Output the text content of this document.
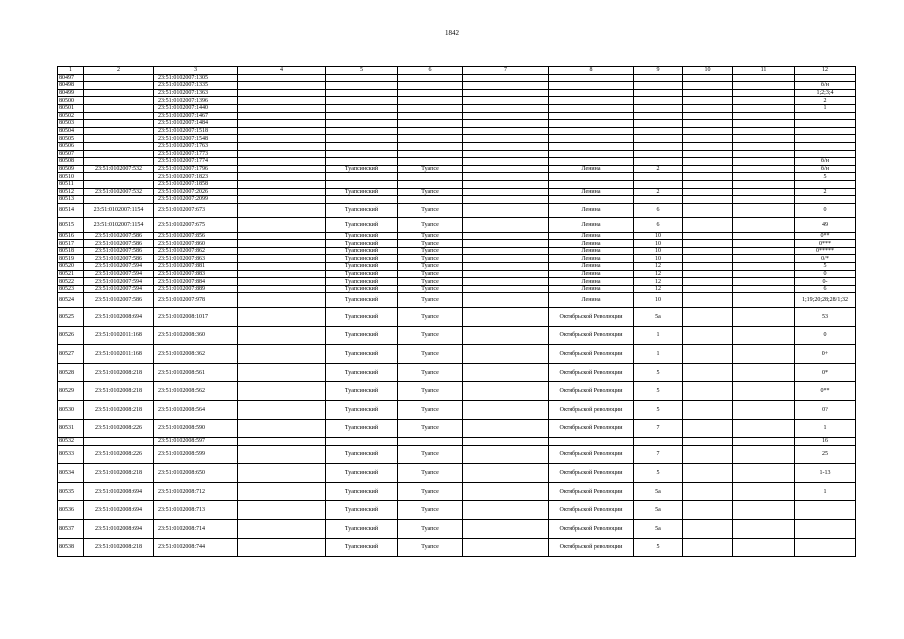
1842
1	2	3	4	5	6	7	8	9	10	11	12
80497		23:51:0102007:1305									
80498		23:51:0102007:1335									б/н
80499		23:51:0102007:1363									1;2;3;4
80500		23:51:0102007:1396									2
80501		23:51:0102007:1440									1
80502		23:51:0102007:1467									
80503		23:51:0102007:1484									
80504		23:51:0102007:1518									
80505		23:51:0102007:1548									
80506		23:51:0102007:1763									
80507		23:51:0102007:1773									
80508		23:51:0102007:1774									б/н
80509	23:51:0102007:532	23:51:0102007:1796		Туапсинский	Туапсе		Ленина	2			б/н
80510		23:51:0102007:1823									5
80511		23:51:0102007:1858									
80512	23:51:0102007:532	23:51:0102007:2026		Туапсинский	Туапсе		Ленина	2			2
80513		23:51:0102007:2099									
80514	23:51:0102007:1154	23:51:0102007:673		Туапсинский	Туапсе		Ленина	6			0
80515	23:51:0102007:1154	23:51:0102007:675		Туапсинский	Туапсе		Ленина	6			49
80516	23:51:0102007:586	23:51:0102007:856		Туапсинский	Туапсе		Ленина	10			0**
80517	23:51:0102007:586	23:51:0102007:860		Туапсинский	Туапсе		Ленина	10			0***
80518	23:51:0102007:586	23:51:0102007:862		Туапсинский	Туапсе		Ленина	10			0*****
80519	23:51:0102007:586	23:51:0102007:863		Туапсинский	Туапсе		Ленина	10			0/*
80520	23:51:0102007:594	23:51:0102007:881		Туапсинский	Туапсе		Ленина	12			5
80521	23:51:0102007:594	23:51:0102007:883		Туапсинский	Туапсе		Ленина	12			0
80522	23:51:0102007:594	23:51:0102007:884		Туапсинский	Туапсе		Ленина	12			0-
80523	23:51:0102007:594	23:51:0102007:889		Туапсинский	Туапсе		Ленина	12			6
80524	23:51:0102007:586	23:51:0102007:978		Туапсинский	Туапсе		Ленина	10			1;19;20;28;28/1;32
80525	23:51:0102008:694	23:51:0102008:1017		Туапсинский	Туапсе		Октябрьской Революции	5а			53
80526	23:51:0102011:168	23:51:0102008:360		Туапсинский	Туапсе		Октябрьской Революции	1			0
80527	23:51:0102011:168	23:51:0102008:362		Туапсинский	Туапсе		Октябрьской Революции	1			0+
80528	23:51:0102008:218	23:51:0102008:561		Туапсинский	Туапсе		Октябрьской Революции	5			0*
80529	23:51:0102008:218	23:51:0102008:562		Туапсинский	Туапсе		Октябрьской Революции	5			0**
80530	23:51:0102008:218	23:51:0102008:564		Туапсинский	Туапсе		Октябрьской революции	5			0?
80531	23:51:0102008:226	23:51:0102008:590		Туапсинский	Туапсе		Октябрьской Революции	7			1
80532		23:51:0102008:597									16
80533	23:51:0102008:226	23:51:0102008:599		Туапсинский	Туапсе		Октябрьской Революции	7			25
80534	23:51:0102008:218	23:51:0102008:650		Туапсинский	Туапсе		Октябрьской Революции	5			1-13
80535	23:51:0102008:694	23:51:0102008:712		Туапсинский	Туапсе		Октябрьской Революции	5а			1
80536	23:51:0102008:694	23:51:0102008:713		Туапсинский	Туапсе		Октябрьской Революции	5а			
80537	23:51:0102008:694	23:51:0102008:714		Туапсинский	Туапсе		Октябрьской Революции	5а			
80538	23:51:0102008:218	23:51:0102008:744		Туапсинский	Туапсе		Октябрьской революции	5			
